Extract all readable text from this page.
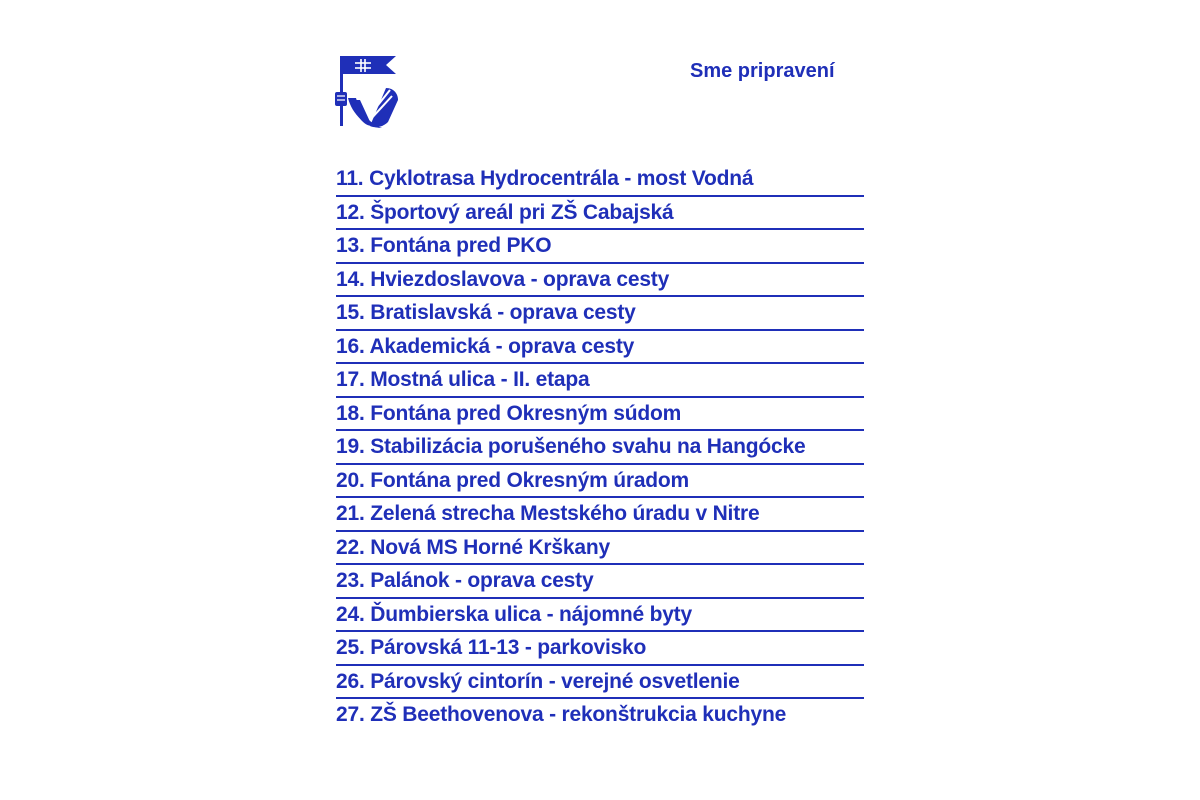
Sme pripravení
11. Cyklotrasa Hydrocentrála - most Vodná
12. Športový areál pri ZŠ Cabajská
13. Fontána pred PKO
14. Hviezdoslavova - oprava cesty
15. Bratislavská - oprava cesty
16. Akademická - oprava cesty
17. Mostná ulica - II. etapa
18. Fontána pred Okresným súdom
19. Stabilizácia porušeného svahu na Hangócke
20. Fontána pred Okresným úradom
21. Zelená strecha Mestského úradu v Nitre
22. Nová MS Horné Krškany
23. Palánok - oprava cesty
24. Ďumbierska ulica - nájomné byty
25. Párovská 11-13 - parkovisko
26. Párovský cintorín - verejné osvetlenie
27. ZŠ Beethovenova - rekonštrukcia kuchyne
